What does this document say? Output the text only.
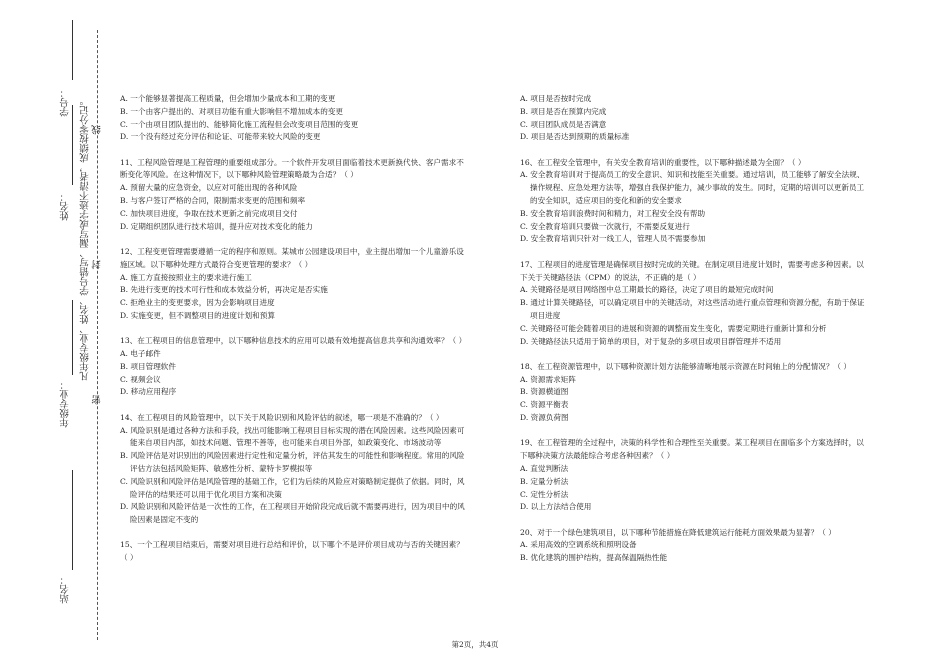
学号：
姓名：
年级专业：
站名：
凡年级专业、姓名、学号错写、漏写或字迹不清者，成绩按零分记。
密
封
线

A. 一个能够显著提高工程质量，但会增加少量成本和工期的变更

B. 一个由客户提出的、对项目功能有重大影响但不增加成本的变更

C. 一个由项目团队提出的、能够简化施工流程但会改变项目范围的变更

D. 一个没有经过充分评估和论证、可能带来较大风险的变更

11、工程风险管理是工程管理的重要组成部分。一个软件开发项目面临着技术更新换代快、客户需求不断变化等风险。在这种情况下，以下哪种风险管理策略最为合适？（ ）

A. 预留大量的应急资金，以应对可能出现的各种风险

B. 与客户签订严格的合同，限制需求变更的范围和频率

C. 加快项目进度，争取在技术更新之前完成项目交付

D. 定期组织团队进行技术培训，提升应对技术变化的能力

12、工程变更管理需要遵循一定的程序和原则。某城市公园建设项目中，业主提出增加一个儿童游乐设施区域。以下哪种处理方式最符合变更管理的要求？（ ）

A. 施工方直接按照业主的要求进行施工

B. 先进行变更的技术可行性和成本效益分析，再决定是否实施

C. 拒绝业主的变更要求，因为会影响项目进度

D. 实施变更，但不调整项目的进度计划和预算

13、在工程项目的信息管理中，以下哪种信息技术的应用可以最有效地提高信息共享和沟通效率？（ ）

A. 电子邮件

B. 项目管理软件

C. 视频会议

D. 移动应用程序

14、在工程项目的风险管理中，以下关于风险识别和风险评估的叙述，哪一项是不准确的？（ ）

A. 风险识别是通过各种方法和手段，找出可能影响工程项目目标实现的潜在风险因素。这些风险因素可能来自项目内部，如技术问题、管理不善等，也可能来自项目外部，如政策变化、市场波动等

B. 风险评估是对识别出的风险因素进行定性和定量分析，评估其发生的可能性和影响程度。常用的风险评估方法包括风险矩阵、敏感性分析、蒙特卡罗模拟等

C. 风险识别和风险评估是风险管理的基础工作，它们为后续的风险应对策略制定提供了依据。同时，风险评估的结果还可以用于优化项目方案和决策

D. 风险识别和风险评估是一次性的工作，在工程项目开始阶段完成后就不需要再进行，因为项目中的风险因素是固定不变的

15、一个工程项目结束后，需要对项目进行总结和评价，以下哪个不是评价项目成功与否的关键因素？（ ）

A. 项目是否按时完成

B. 项目是否在预算内完成

C. 项目团队成员是否满意

D. 项目是否达到预期的质量标准

16、在工程安全管理中，有关安全教育培训的重要性，以下哪种描述最为全面？（ ）

A. 安全教育培训对于提高员工的安全意识、知识和技能至关重要。通过培训，员工能够了解安全法规、操作规程、应急处理方法等，增强自我保护能力，减少事故的发生。同时，定期的培训可以更新员工的安全知识，适应项目的变化和新的安全要求

B. 安全教育培训浪费时间和精力，对工程安全没有帮助

C. 安全教育培训只要做一次就行，不需要反复进行

D. 安全教育培训只针对一线工人，管理人员不需要参加

17、工程项目的进度管理是确保项目按时完成的关键。在制定项目进度计划时，需要考虑多种因素。以下关于关键路径法（CPM）的说法，不正确的是（ ）

A. 关键路径是项目网络图中总工期最长的路径，决定了项目的最短完成时间

B. 通过计算关键路径，可以确定项目中的关键活动，对这些活动进行重点管理和资源分配，有助于保证项目进度

C. 关键路径可能会随着项目的进展和资源的调整而发生变化，需要定期进行重新计算和分析

D. 关键路径法只适用于简单的项目，对于复杂的多项目或项目群管理并不适用

18、在工程资源管理中，以下哪种资源计划方法能够清晰地展示资源在时间轴上的分配情况？（ ）

A. 资源需求矩阵

B. 资源横道图

C. 资源平衡表

D. 资源负荷图

19、在工程管理的全过程中，决策的科学性和合理性至关重要。某工程项目在面临多个方案选择时，以下哪种决策方法最能综合考虑各种因素？（ ）

A. 直觉判断法

B. 定量分析法

C. 定性分析法

D. 以上方法结合使用

20、对于一个绿色建筑项目，以下哪种节能措施在降低建筑运行能耗方面效果最为显著？（ ）

A. 采用高效的空调系统和照明设备

B. 优化建筑的围护结构，提高保温隔热性能

第2页，共4页
